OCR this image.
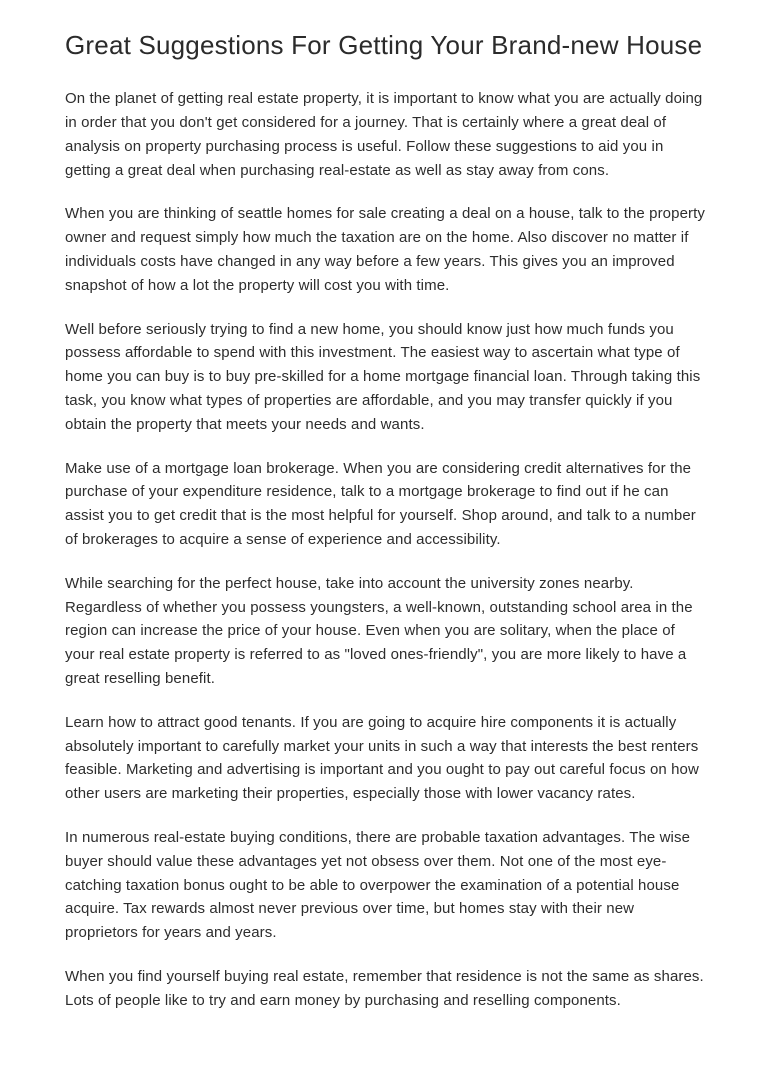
Great Suggestions For Getting Your Brand-new House

On the planet of getting real estate property, it is important to know what you are actually doing in order that you don't get considered for a journey. That is certainly where a great deal of analysis on property purchasing process is useful. Follow these suggestions to aid you in getting a great deal when purchasing real-estate as well as stay away from cons.

When you are thinking of seattle homes for sale creating a deal on a house, talk to the property owner and request simply how much the taxation are on the home. Also discover no matter if individuals costs have changed in any way before a few years. This gives you an improved snapshot of how a lot the property will cost you with time.

Well before seriously trying to find a new home, you should know just how much funds you possess affordable to spend with this investment. The easiest way to ascertain what type of home you can buy is to buy pre-skilled for a home mortgage financial loan. Through taking this task, you know what types of properties are affordable, and you may transfer quickly if you obtain the property that meets your needs and wants.

Make use of a mortgage loan brokerage. When you are considering credit alternatives for the purchase of your expenditure residence, talk to a mortgage brokerage to find out if he can assist you to get credit that is the most helpful for yourself. Shop around, and talk to a number of brokerages to acquire a sense of experience and accessibility.

While searching for the perfect house, take into account the university zones nearby. Regardless of whether you possess youngsters, a well-known, outstanding school area in the region can increase the price of your house. Even when you are solitary, when the place of your real estate property is referred to as "loved ones-friendly", you are more likely to have a great reselling benefit.

Learn how to attract good tenants. If you are going to acquire hire components it is actually absolutely important to carefully market your units in such a way that interests the best renters feasible. Marketing and advertising is important and you ought to pay out careful focus on how other users are marketing their properties, especially those with lower vacancy rates.

In numerous real-estate buying conditions, there are probable taxation advantages. The wise buyer should value these advantages yet not obsess over them. Not one of the most eye-catching taxation bonus ought to be able to overpower the examination of a potential house acquire. Tax rewards almost never previous over time, but homes stay with their new proprietors for years and years.

When you find yourself buying real estate, remember that residence is not the same as shares. Lots of people like to try and earn money by purchasing and reselling components.
